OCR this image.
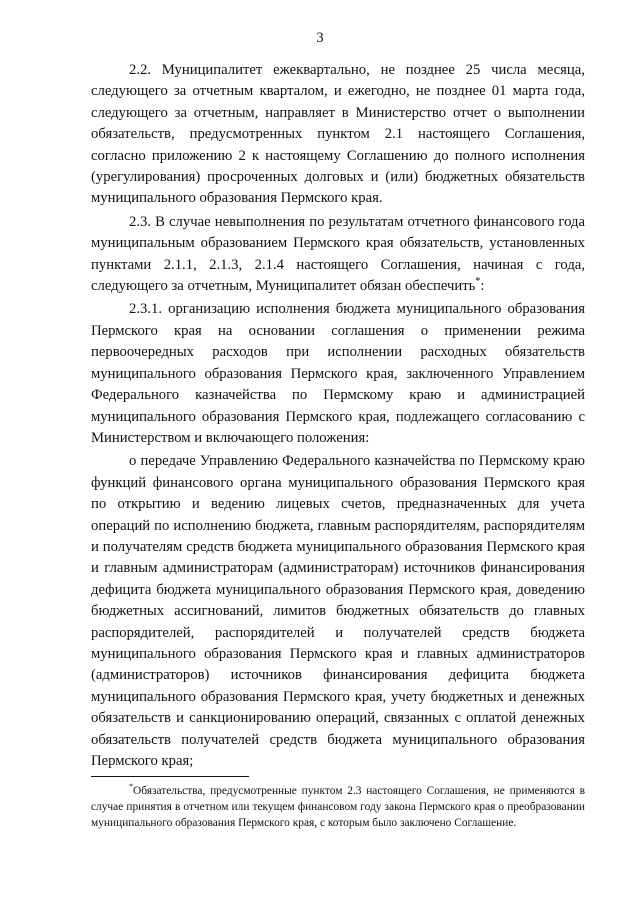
3

2.2. Муниципалитет ежеквартально, не позднее 25 числа месяца, следующего за отчетным кварталом, и ежегодно, не позднее 01 марта года, следующего за отчетным, направляет в Министерство отчет о выполнении обязательств, предусмотренных пунктом 2.1 настоящего Соглашения, согласно приложению 2 к настоящему Соглашению до полного исполнения (урегулирования) просроченных долговых и (или) бюджетных обязательств муниципального образования Пермского края.

2.3. В случае невыполнения по результатам отчетного финансового года муниципальным образованием Пермского края обязательств, установленных пунктами 2.1.1, 2.1.3, 2.1.4 настоящего Соглашения, начиная с года, следующего за отчетным, Муниципалитет обязан обеспечить*:

2.3.1. организацию исполнения бюджета муниципального образования Пермского края на основании соглашения о применении режима первоочередных расходов при исполнении расходных обязательств муниципального образования Пермского края, заключенного Управлением Федерального казначейства по Пермскому краю и администрацией муниципального образования Пермского края, подлежащего согласованию с Министерством и включающего положения:

о передаче Управлению Федерального казначейства по Пермскому краю функций финансового органа муниципального образования Пермского края по открытию и ведению лицевых счетов, предназначенных для учета операций по исполнению бюджета, главным распорядителям, распорядителям и получателям средств бюджета муниципального образования Пермского края и главным администраторам (администраторам) источников финансирования дефицита бюджета муниципального образования Пермского края, доведению бюджетных ассигнований, лимитов бюджетных обязательств до главных распорядителей, распорядителей и получателей средств бюджета муниципального образования Пермского края и главных администраторов (администраторов) источников финансирования дефицита бюджета муниципального образования Пермского края, учету бюджетных и денежных обязательств и санкционированию операций, связанных с оплатой денежных обязательств получателей средств бюджета муниципального образования Пермского края;

*Обязательства, предусмотренные пунктом 2.3 настоящего Соглашения, не применяются в случае принятия в отчетном или текущем финансовом году закона Пермского края о преобразовании муниципального образования Пермского края, с которым было заключено Соглашение.
